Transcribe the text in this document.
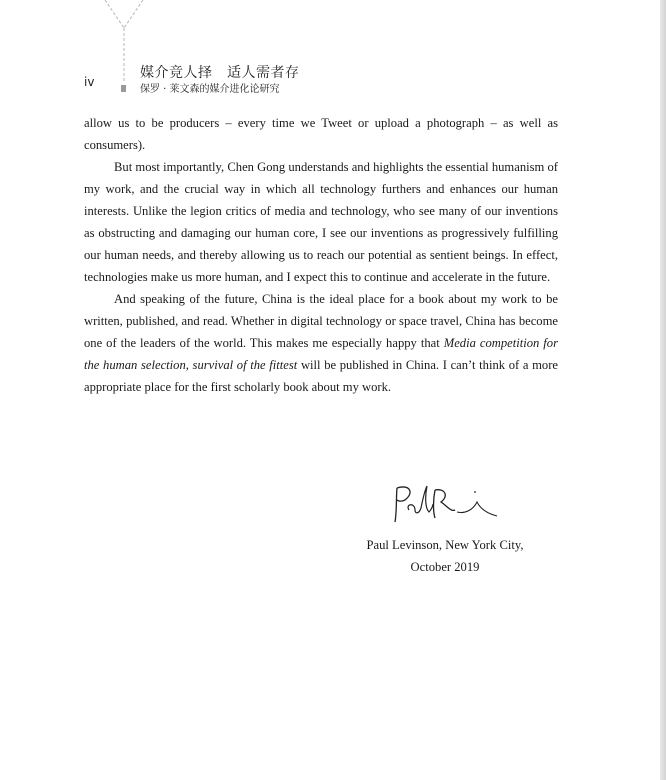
iv
媒介竞人择　适人需者存
保罗 · 莱文森的媒介进化论研究

allow us to be producers – every time we Tweet or upload a photograph – as well as consumers).

But most importantly, Chen Gong understands and highlights the essential humanism of my work, and the crucial way in which all technology furthers and enhances our human interests. Unlike the legion critics of media and technology, who see many of our inventions as obstructing and damaging our human core, I see our inventions as progressively fulfilling our human needs, and thereby allowing us to reach our potential as sentient beings. In effect, technologies make us more human, and I expect this to continue and accelerate in the future.

And speaking of the future, China is the ideal place for a book about my work to be written, published, and read. Whether in digital technology or space travel, China has become one of the leaders of the world. This makes me especially happy that Media competition for the human selection, survival of the fittest will be published in China. I can’t think of a more appropriate place for the first scholarly book about my work.

Paul Levinson, New York City,
October 2019
